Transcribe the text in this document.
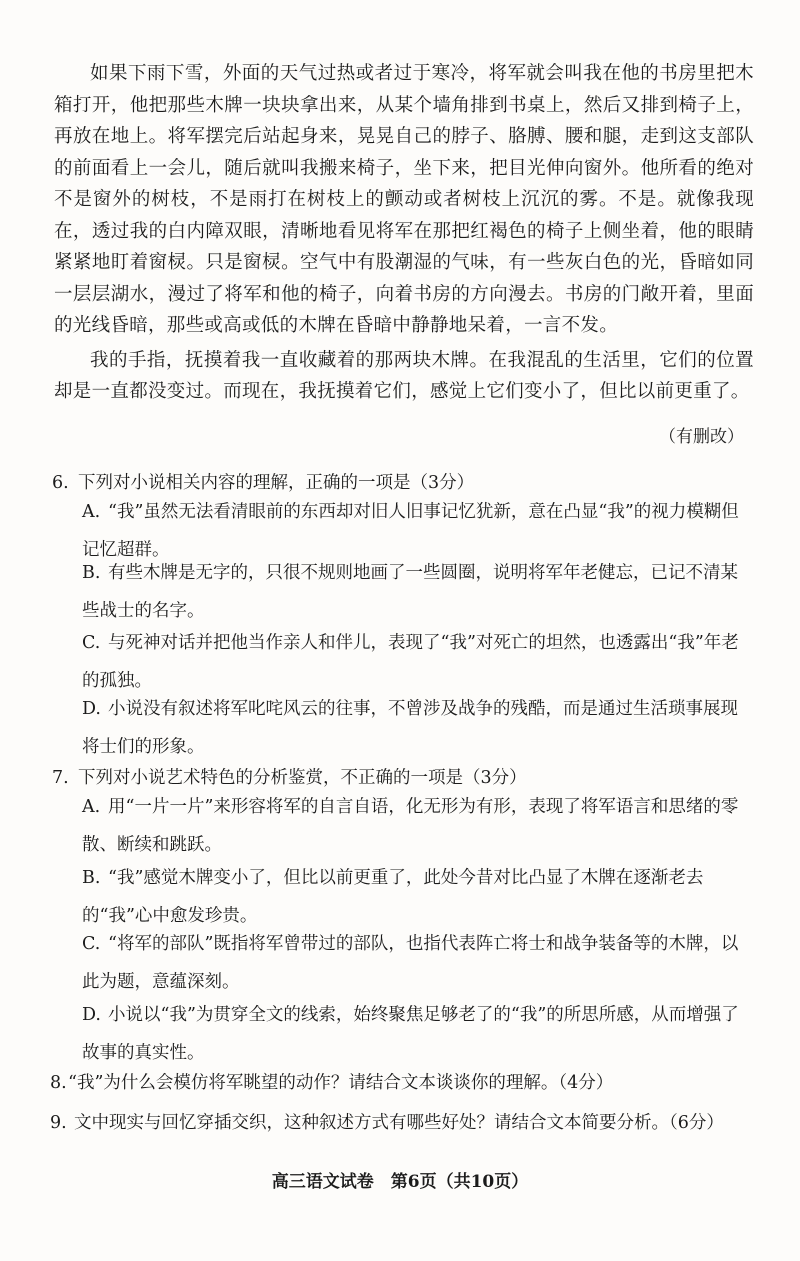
如果下雨下雪，外面的天气过热或者过于寒冷，将军就会叫我在他的书房里把木箱打开，他把那些木牌一块块拿出来，从某个墙角排到书桌上，然后又排到椅子上，再放在地上。将军摆完后站起身来，晃晃自己的脖子、胳膊、腰和腿，走到这支部队的前面看上一会儿，随后就叫我搬来椅子，坐下来，把目光伸向窗外。他所看的绝对不是窗外的树枝，不是雨打在树枝上的颤动或者树枝上沉沉的雾。不是。就像我现在，透过我的白内障双眼，清晰地看见将军在那把红褐色的椅子上侧坐着，他的眼睛紧紧地盯着窗棂。只是窗棂。空气中有股潮湿的气味，有一些灰白色的光，昏暗如同一层层湖水，漫过了将军和他的椅子，向着书房的方向漫去。书房的门敞开着，里面的光线昏暗，那些或高或低的木牌在昏暗中静静地呆着，一言不发。

我的手指，抚摸着我一直收藏着的那两块木牌。在我混乱的生活里，它们的位置却是一直都没变过。而现在，我抚摸着它们，感觉上它们变小了，但比以前更重了。

（有删改）
6. 下列对小说相关内容的理解，正确的一项是（3分）
A. “我”虽然无法看清眼前的东西却对旧人旧事记忆犹新，意在凸显“我”的视力模糊但记忆超群。
B. 有些木牌是无字的，只很不规则地画了一些圆圈，说明将军年老健忘，已记不清某些战士的名字。
C. 与死神对话并把他当作亲人和伴儿，表现了“我”对死亡的坦然，也透露出“我”年老的孤独。
D. 小说没有叙述将军叱咤风云的往事，不曾涉及战争的残酷，而是通过生活琐事展现将士们的形象。
7. 下列对小说艺术特色的分析鉴赏，不正确的一项是（3分）
A. 用“一片一片”来形容将军的自言自语，化无形为有形，表现了将军语言和思绪的零散、断续和跳跃。
B. “我”感觉木牌变小了，但比以前更重了，此处今昔对比凸显了木牌在逐渐老去的“我”心中愈发珍贵。
C. “将军的部队”既指将军曾带过的部队，也指代表阵亡将士和战争装备等的木牌，以此为题，意蕴深刻。
D. 小说以“我”为贯穿全文的线索，始终聚焦足够老了的“我”的所思所感，从而增强了故事的真实性。
8.“我”为什么会模仿将军眺望的动作？请结合文本谈谈你的理解。（4分）
9. 文中现实与回忆穿插交织，这种叙述方式有哪些好处？请结合文本简要分析。（6分）
高三语文试卷　第6页（共10页）
